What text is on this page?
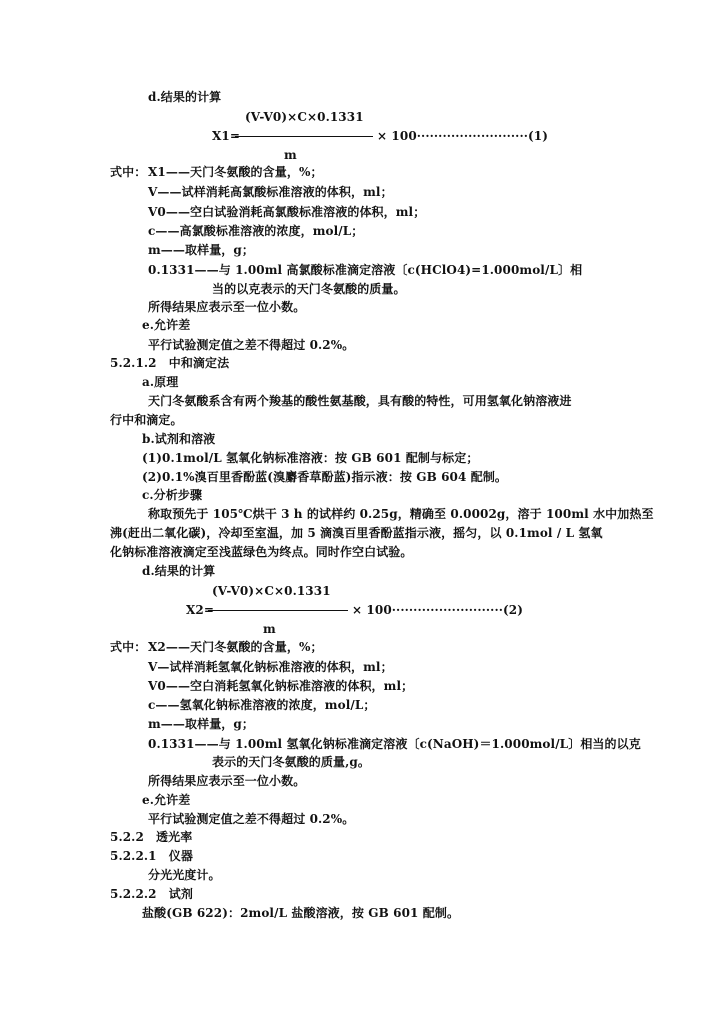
d.结果的计算
(V-V0)×C×0.1331
X1=	× 100··························(1)
m
式中： X1——天门冬氨酸的含量，%；
V——试样消耗高氯酸标准溶液的体积，ml；
V0——空白试验消耗高氯酸标准溶液的体积，ml；
c——高氯酸标准溶液的浓度，mol/L；
m——取样量，g；
0.1331——与 1.00ml 高氯酸标准滴定溶液〔c(HClO4)=1.000mol/L〕相
当的以克表示的天门冬氨酸的质量。
所得结果应表示至一位小数。
e.允许差
平行试验测定值之差不得超过 0.2%。
5.2.1.2　中和滴定法
a.原理
天门冬氨酸系含有两个羧基的酸性氨基酸，具有酸的特性，可用氢氧化钠溶液进
行中和滴定。
b.试剂和溶液
(1)0.1mol/L 氢氧化钠标准溶液：按 GB 601 配制与标定；
(2)0.1%溴百里香酚蓝(溴麝香草酚蓝)指示液：按 GB 604 配制。
c.分析步骤
称取预先于 105℃烘干 3 h 的试样约 0.25g，精确至 0.0002g，溶于 100ml 水中加热至
沸(赶出二氧化碳)，冷却至室温，加 5 滴溴百里香酚蓝指示液，摇匀，以 0.1mol / L 氢氧
化钠标准溶液滴定至浅蓝绿色为终点。同时作空白试验。
d.结果的计算
(V-V0)×C×0.1331
X2=	× 100··························(2)
m
式中： X2——天门冬氨酸的含量，%；
V—试样消耗氢氧化钠标准溶液的体积，ml；
V0——空白消耗氢氧化钠标准溶液的体积，ml；
c——氢氧化钠标准溶液的浓度，mol/L；
m——取样量，g；
0.1331——与 1.00ml 氢氧化钠标准滴定溶液〔c(NaOH)＝1.000mol/L〕相当的以克
表示的天门冬氨酸的质量,g。
所得结果应表示至一位小数。
e.允许差
平行试验测定值之差不得超过 0.2%。
5.2.2　透光率
5.2.2.1　仪器
分光光度计。
5.2.2.2　试剂
盐酸(GB 622)：2mol/L 盐酸溶液，按 GB 601 配制。
